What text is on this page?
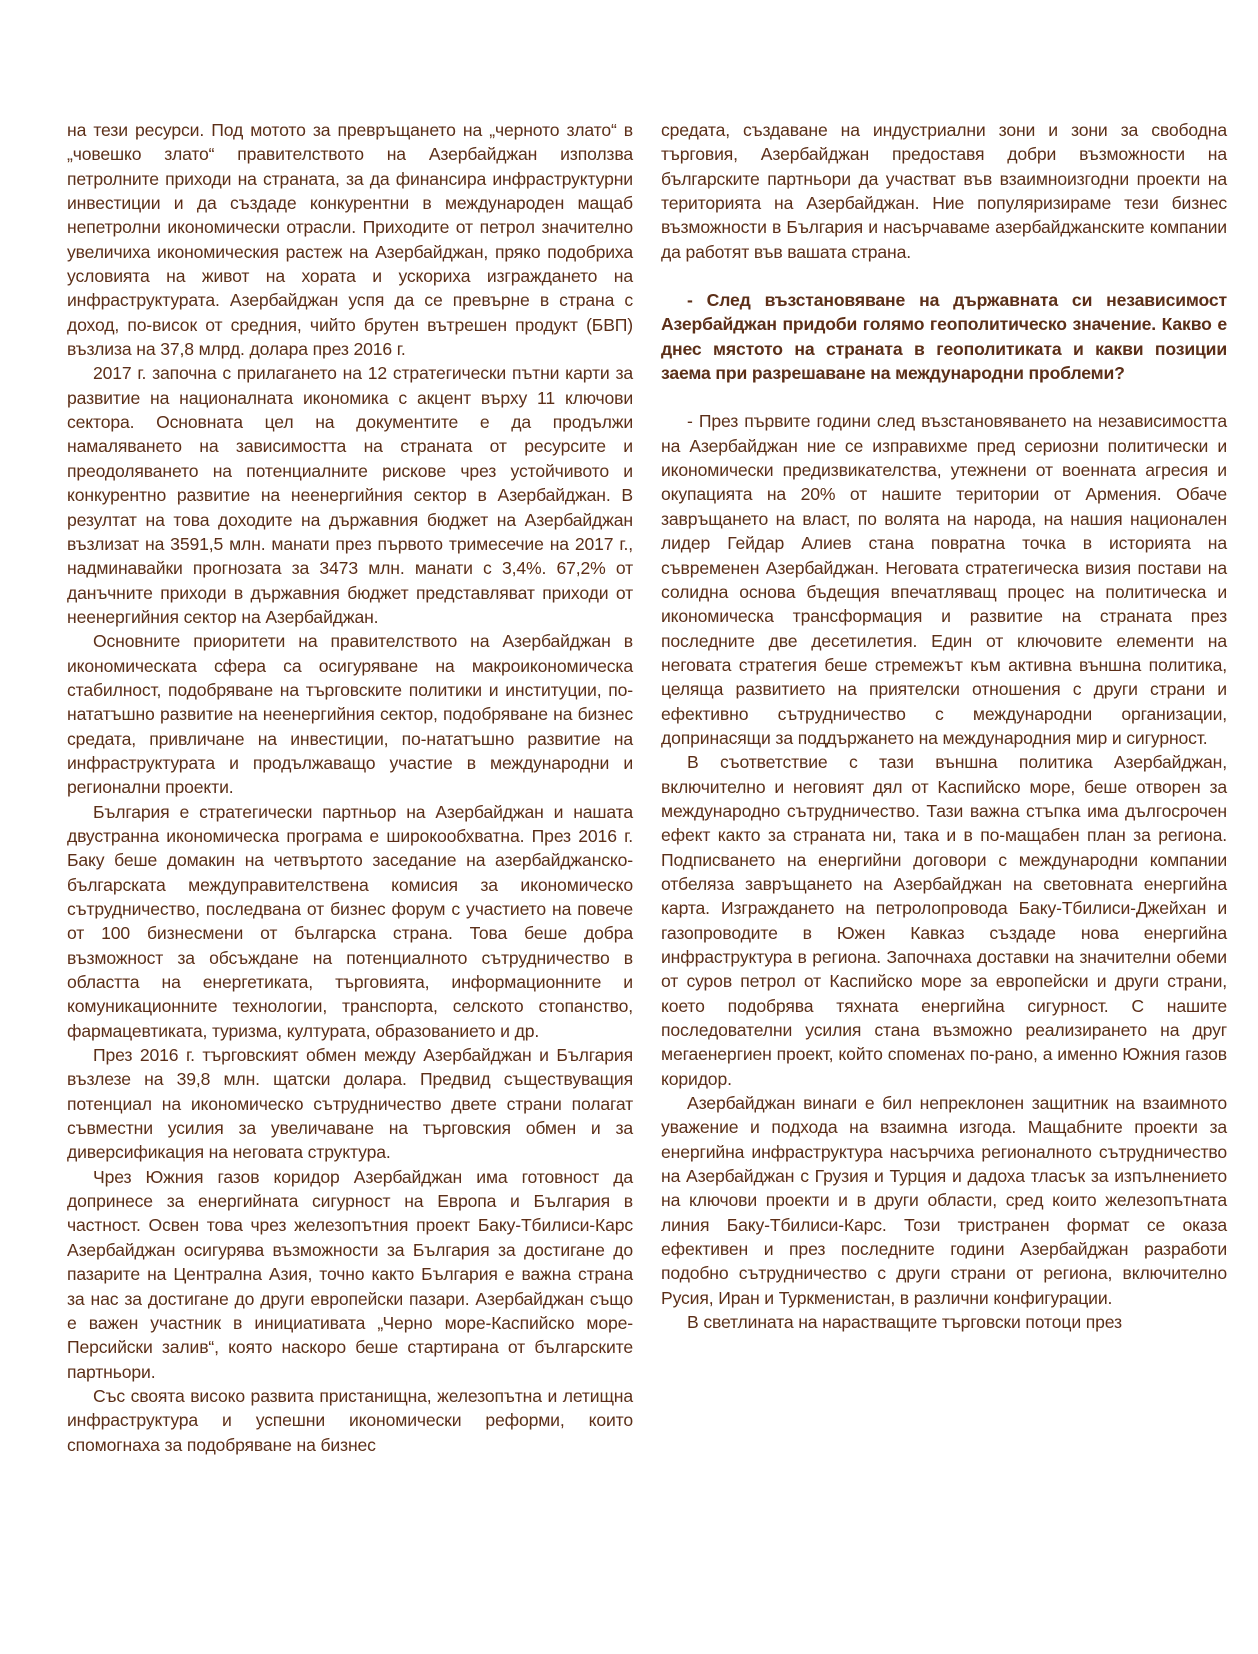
на тези ресурси. Под мотото за превръщането на „черното злато“ в „човешко злато“ правителството на Азербайджан използва петролните приходи на страната, за да финансира инфраструктурни инвестиции и да създаде конкурентни в международен мащаб непетролни икономически отрасли. Приходите от петрол значително увеличиха икономическия растеж на Азербайджан, пряко подобриха условията на живот на хората и ускориха изграждането на инфраструктурата. Азербайджан успя да се превърне в страна с доход, по-висок от средния, чийто брутен вътрешен продукт (БВП) възлиза на 37,8 млрд. долара през 2016 г.

2017 г. започна с прилагането на 12 стратегически пътни карти за развитие на националната икономика с акцент върху 11 ключови сектора. Основната цел на документите е да продължи намаляването на зависимостта на страната от ресурсите и преодоляването на потенциалните рискове чрез устойчивото и конкурентно развитие на неенергийния сектор в Азербайджан. В резултат на това доходите на държавния бюджет на Азербайджан възлизат на 3591,5 млн. манати през първото тримесечие на 2017 г., надминавайки прогнозата за 3473 млн. манати с 3,4%. 67,2% от данъчните приходи в държавния бюджет представляват приходи от неенергийния сектор на Азербайджан.

Основните приоритети на правителството на Азербайджан в икономическата сфера са осигуряване на макроикономическа стабилност, подобряване на търговските политики и институции, по-нататъшно развитие на неенергийния сектор, подобряване на бизнес средата, привличане на инвестиции, по-нататъшно развитие на инфраструктурата и продължаващо участие в международни и регионални проекти.

България е стратегически партньор на Азербайджан и нашата двустранна икономическа програма е широкообхватна. През 2016 г. Баку беше домакин на четвъртото заседание на азербайджанско-българската междуправителствена комисия за икономическо сътрудничество, последвана от бизнес форум с участието на повече от 100 бизнесмени от българска страна. Това беше добра възможност за обсъждане на потенциалното сътрудничество в областта на енергетиката, търговията, информационните и комуникационните технологии, транспорта, селското стопанство, фармацевтиката, туризма, културата, образованието и др.

През 2016 г. търговският обмен между Азербайджан и България възлезе на 39,8 млн. щатски долара. Предвид съществуващия потенциал на икономическо сътрудничество двете страни полагат съвместни усилия за увеличаване на търговския обмен и за диверсификация на неговата структура.

Чрез Южния газов коридор Азербайджан има готовност да допринесе за енергийната сигурност на Европа и България в частност. Освен това чрез железопътния проект Баку-Тбилиси-Карс Азербайджан осигурява възможности за България за достигане до пазарите на Централна Азия, точно както България е важна страна за нас за достигане до други европейски пазари. Азербайджан също е важен участник в инициативата „Черно море-Каспийско море-Персийски залив“, която наскоро беше стартирана от българските партньори.

Със своята високо развита пристанищна, железопътна и летищна инфраструктура и успешни икономически реформи, които спомогнаха за подобряване на бизнес

средата, създаване на индустриални зони и зони за свободна търговия, Азербайджан предоставя добри възможности на българските партньори да участват във взаимноизгодни проекти на територията на Азербайджан. Ние популяризираме тези бизнес възможности в България и насърчаваме азербайджанските компании да работят във вашата страна.

- След възстановяване на държавната си независимост Азербайджан придоби голямо геополитическо значение. Какво е днес мястото на страната в геополитиката и какви позиции заема при разрешаване на международни проблеми?

- През първите години след възстановяването на независимостта на Азербайджан ние се изправихме пред сериозни политически и икономически предизвикателства, утежнени от военната агресия и окупацията на 20% от нашите територии от Армения. Обаче завръщането на власт, по волята на народа, на нашия национален лидер Гейдар Алиев стана повратна точка в историята на съвременен Азербайджан. Неговата стратегическа визия постави на солидна основа бъдещия впечатляващ процес на политическа и икономическа трансформация и развитие на страната през последните две десетилетия. Един от ключовите елементи на неговата стратегия беше стремежът към активна външна политика, целяща развитието на приятелски отношения с други страни и ефективно сътрудничество с международни организации, допринасящи за поддържането на международния мир и сигурност.

В съответствие с тази външна политика Азербайджан, включително и неговият дял от Каспийско море, беше отворен за международно сътрудничество. Тази важна стъпка има дългосрочен ефект както за страната ни, така и в по-мащабен план за региона. Подписването на енергийни договори с международни компании отбеляза завръщането на Азербайджан на световната енергийна карта. Изграждането на петролопровода Баку-Тбилиси-Джейхан и газопроводите в Южен Кавказ създаде нова енергийна инфраструктура в региона. Започнаха доставки на значителни обеми от суров петрол от Каспийско море за европейски и други страни, което подобрява тяхната енергийна сигурност. С нашите последователни усилия стана възможно реализирането на друг мегаенергиен проект, който споменах по-рано, а именно Южния газов коридор.

Азербайджан винаги е бил непреклонен защитник на взаимното уважение и подхода на взаимна изгода. Мащабните проекти за енергийна инфраструктура насърчиха регионалното сътрудничество на Азербайджан с Грузия и Турция и дадоха тласък за изпълнението на ключови проекти и в други области, сред които железопътната линия Баку-Тбилиси-Карс. Този тристранен формат се оказа ефективен и през последните години Азербайджан разработи подобно сътрудничество с други страни от региона, включително Русия, Иран и Туркменистан, в различни конфигурации.

В светлината на нарастващите търговски потоци през
